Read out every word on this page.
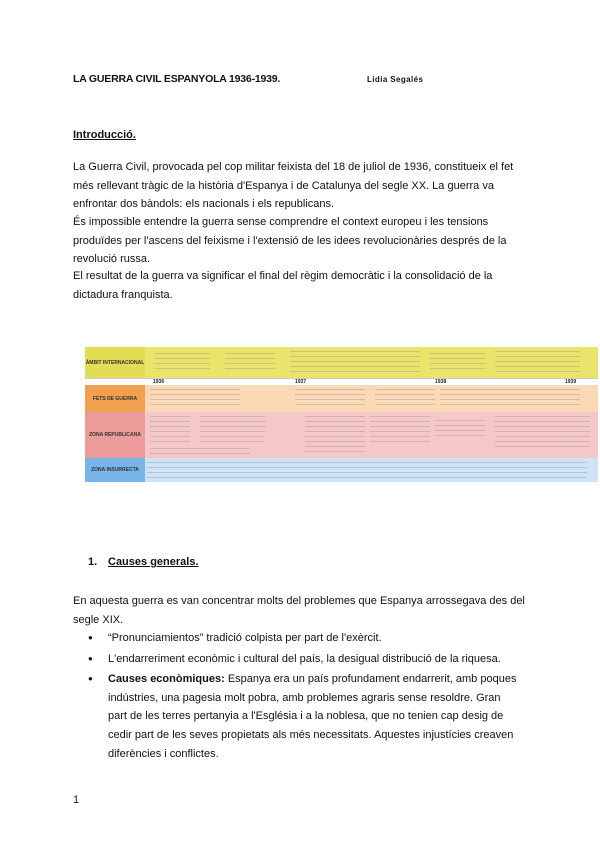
LA GUERRA CIVIL ESPANYOLA 1936-1939.	Lidia Segalés
Introducció.

La Guerra Civil, provocada pel cop militar feixista del 18 de juliol de 1936, constitueix el fet més rellevant tràgic de la història d'Espanya i de Catalunya del segle XX. La guerra va enfrontar dos bàndols: els nacionals i els republicans.

És impossible entendre la guerra sense comprendre el context europeu i les tensions produïdes per l'ascens del feixisme i l'extensió de les idees revolucionàries després de la revolució russa.

El resultat de la guerra va significar el final del règim democràtic i la consolidació de la dictadura franquista.

ÀMBIT INTERNACIONAL
1936	1937	1938	1939
FETS DE GUERRA
ZONA REPUBLICANA
ZONA INSURRECTA
1. Causes generals.

En aquesta guerra es van concentrar molts del problemes que Espanya arrossegava des del segle XIX.

● “Pronunciamientos” tradició colpista per part de l'exèrcit.
● L'endarreriment econòmic i cultural del país, la desigual distribució de la riquesa.
● Causes econòmiques: Espanya era un país profundament endarrerit, amb poques indústries, una pagesia molt pobra, amb problemes agraris sense resoldre. Gran part de les terres pertanyia a l'Església i a la noblesa, que no tenien cap desig de cedir part de les seves propietats als més necessitats. Aquestes injustícies creaven diferències i conflictes.
1
